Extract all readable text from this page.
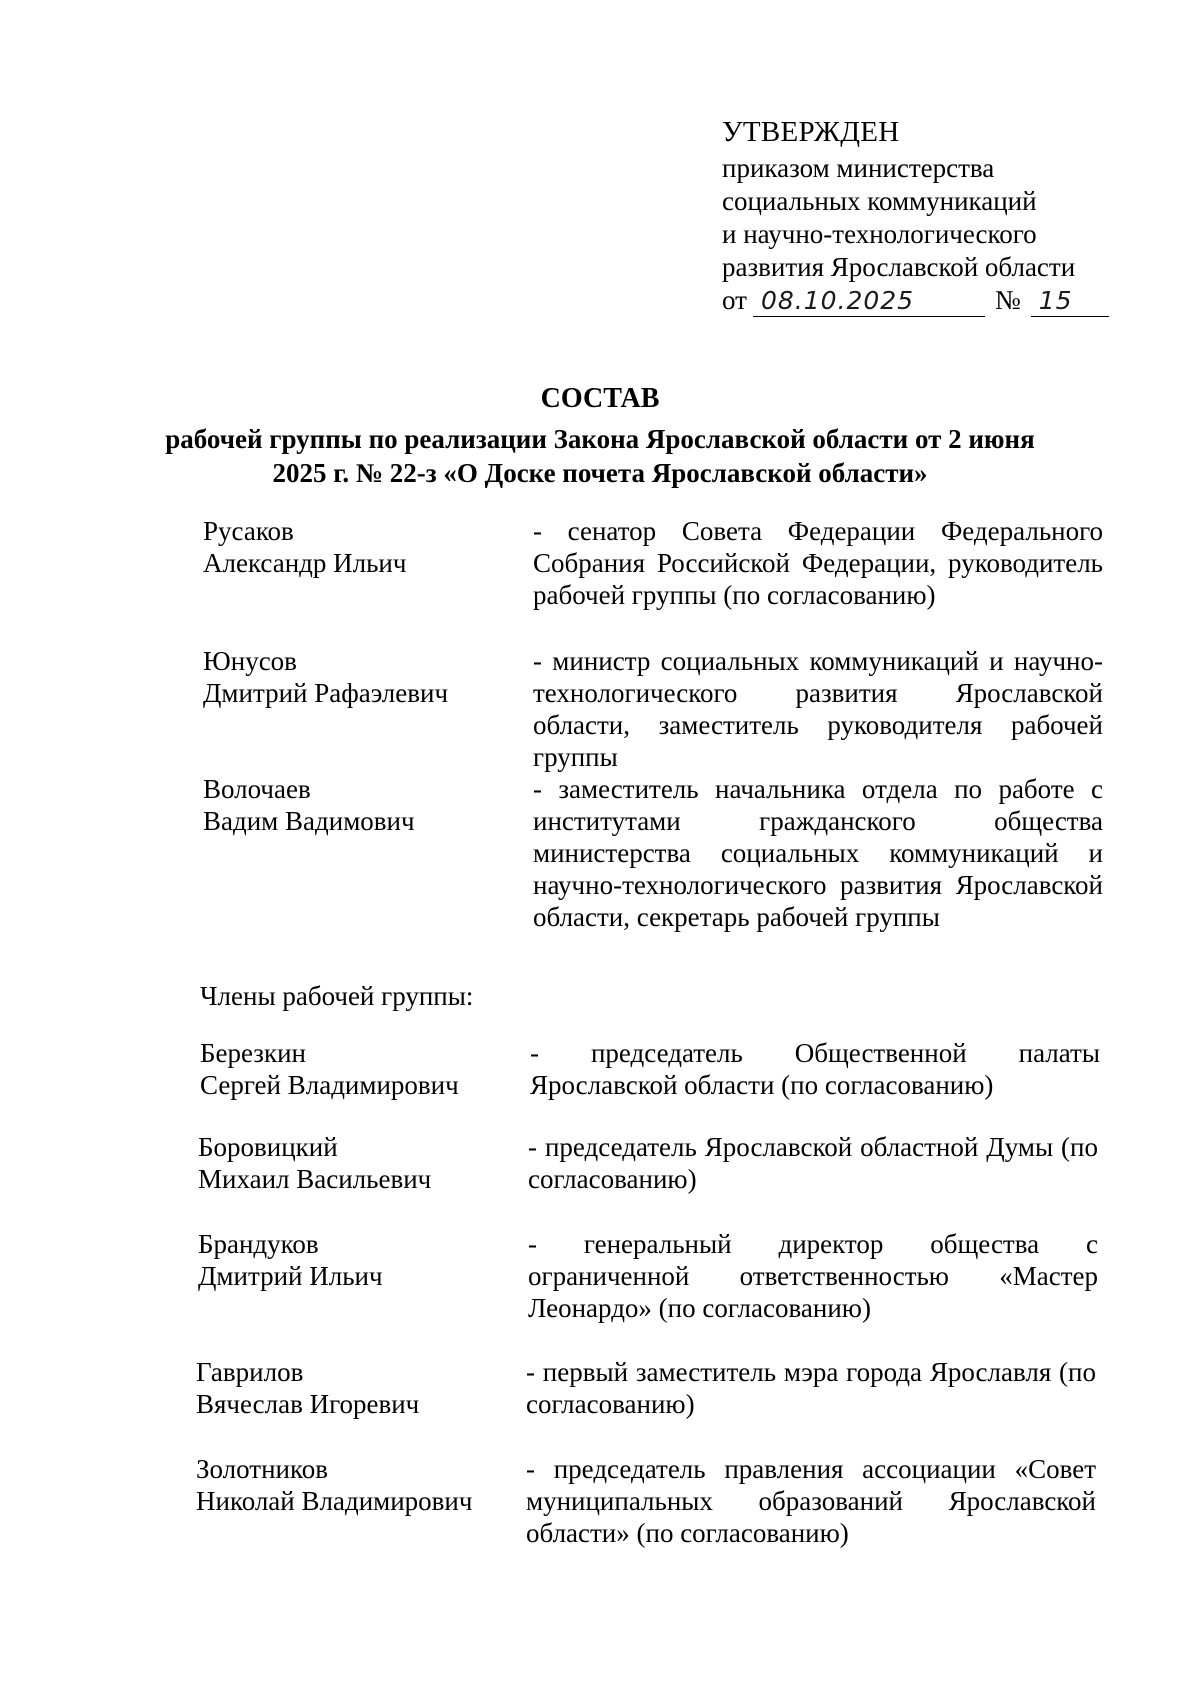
УТВЕРЖДЕН
приказом министерства
социальных коммуникаций
и научно-технологического
развития Ярославской области
от 08.10.2025	№ 15
СОСТАВ
рабочей группы по реализации Закона Ярославской области от 2 июня
2025 г. № 22-з «О Доске почета Ярославской области»
Русаков
Александр Ильич
- сенатор Совета Федерации Федерального Собрания Российской Федерации, руководитель рабочей группы (по согласованию)
Юнусов
Дмитрий Рафаэлевич
- министр социальных коммуникаций и научно-технологического развития Ярославской области, заместитель руководителя рабочей группы
Волочаев
Вадим Вадимович
- заместитель начальника отдела по работе с институтами гражданского общества министерства социальных коммуникаций и научно-технологического развития Ярославской области, секретарь рабочей группы
Члены рабочей группы:
Березкин
Сергей Владимирович
- председатель Общественной палаты Ярославской области (по согласованию)
Боровицкий
Михаил Васильевич
- председатель Ярославской областной Думы (по согласованию)
Брандуков
Дмитрий Ильич
- генеральный директор общества с ограниченной ответственностью «Мастер Леонардо» (по согласованию)
Гаврилов
Вячеслав Игоревич
- первый заместитель мэра города Ярославля (по согласованию)
Золотников
Николай Владимирович
- председатель правления ассоциации «Совет муниципальных образований Ярославской области» (по согласованию)
